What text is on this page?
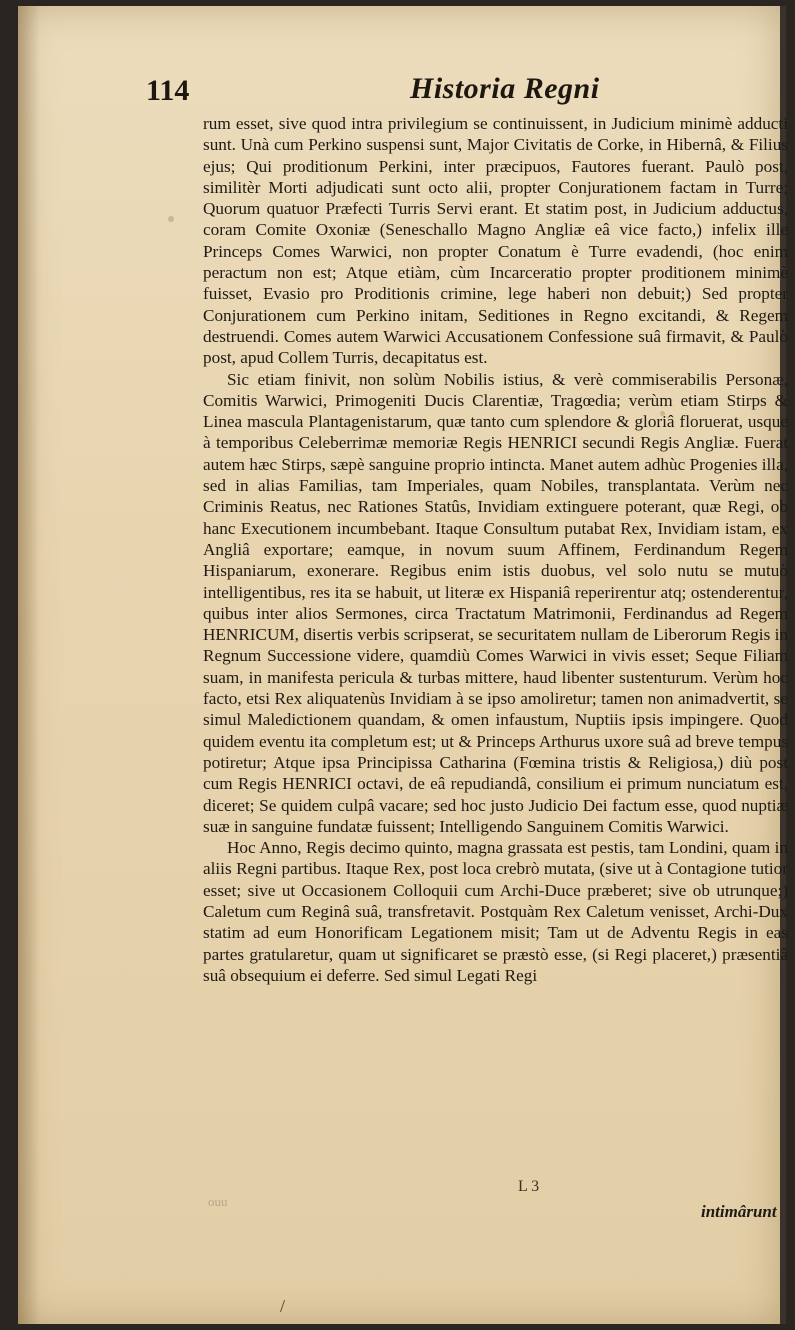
114	Historia Regni

rum esset, sive quod intra privilegium se continuissent, in Judicium minimè adducti sunt. Unà cum Perkino suspensi sunt, Major Civitatis de Corke, in Hibernâ, & Filius ejus; Qui proditionum Perkini, inter præcipuos, Fautores fuerant. Paulò post, similitèr Morti adjudicati sunt octo alii, propter Conjurationem factam in Turre; Quorum quatuor Præfecti Turris Servi erant. Et statim post, in Judicium adductus, coram Comite Oxoniæ (Seneschallo Magno Angliæ eâ vice facto,) infelix ille Princeps Comes Warwici, non propter Conatum è Turre evadendi, (hoc enim peractum non est; Atque etiàm, cùm Incarceratio propter proditionem minimè fuisset, Evasio pro Proditionis crimine, lege haberi non debuit;) Sed propter Conjurationem cum Perkino initam, Seditiones in Regno excitandi, & Regem destruendi. Comes autem Warwici Accusationem Confessione suâ firmavit, & Paulò post, apud Collem Turris, decapitatus est.

Sic etiam finivit, non solùm Nobilis istius, & verè commiserabilis Personæ, Comitis Warwici, Primogeniti Ducis Clarentiæ, Tragœdia; verùm etiam Stirps & Linea mascula Plantagenistarum, quæ tanto cum splendore & gloriâ floruerat, usque à temporibus Celeberrimæ memoriæ Regis HENRICI secundi Regis Angliæ. Fuerat autem hæc Stirps, sæpè sanguine proprio intincta. Manet autem adhùc Progenies illa, sed in alias Familias, tam Imperiales, quam Nobiles, transplantata. Verùm nec Criminis Reatus, nec Rationes Statûs, Invidiam extinguere poterant, quæ Regi, ob hanc Executionem incumbebant. Itaque Consultum putabat Rex, Invidiam istam, ex Angliâ exportare; eamque, in novum suum Affinem, Ferdinandum Regem Hispaniarum, exonerare. Regibus enim istis duobus, vel solo nutu se mutuò intelligentibus, res ita se habuit, ut literæ ex Hispaniâ reperirentur atq; ostenderentur, quibus inter alios Sermones, circa Tractatum Matrimonii, Ferdinandus ad Regem HENRICUM, disertis verbis scripserat, se securitatem nullam de Liberorum Regis in Regnum Successione videre, quamdiù Comes Warwici in vivis esset; Seque Filiam suam, in manifesta pericula & turbas mittere, haud libenter sustenturum. Verùm hoc facto, etsi Rex aliquatenùs Invidiam à se ipso amoliretur; tamen non animadvertit, se simul Maledictionem quandam, & omen infaustum, Nuptiis ipsis impingere. Quod quidem eventu ita completum est; ut & Princeps Arthurus uxore suâ ad breve tempus potiretur; Atque ipsa Principissa Catharina (Fœmina tristis & Religiosa,) diù post cum Regis HENRICI octavi, de eâ repudiandâ, consilium ei primum nunciatum est, diceret; Se quidem culpâ vacare; sed hoc justo Judicio Dei factum esse, quod nuptiæ suæ in sanguine fundatæ fuissent; Intelligendo Sanguinem Comitis Warwici.

Hoc Anno, Regis decimo quinto, magna grassata est pestis, tam Londini, quam in aliis Regni partibus. Itaque Rex, post loca crebrò mutata, (sive ut à Contagione tutior esset; sive ut Occasionem Colloquii cum Archi-Duce præberet; sive ob utrunque;) Caletum cum Reginâ suâ, transfretavit. Postquàm Rex Caletum venisset, Archi-Dux statim ad eum Honorificam Legationem misit; Tam ut de Adventu Regis in eas partes gratularetur, quam ut significaret se præstò esse, (si Regi placeret,) præsentiâ suâ obsequium ei deferre. Sed simul Legati Regi

L 3
ouu
intimârunt
/
